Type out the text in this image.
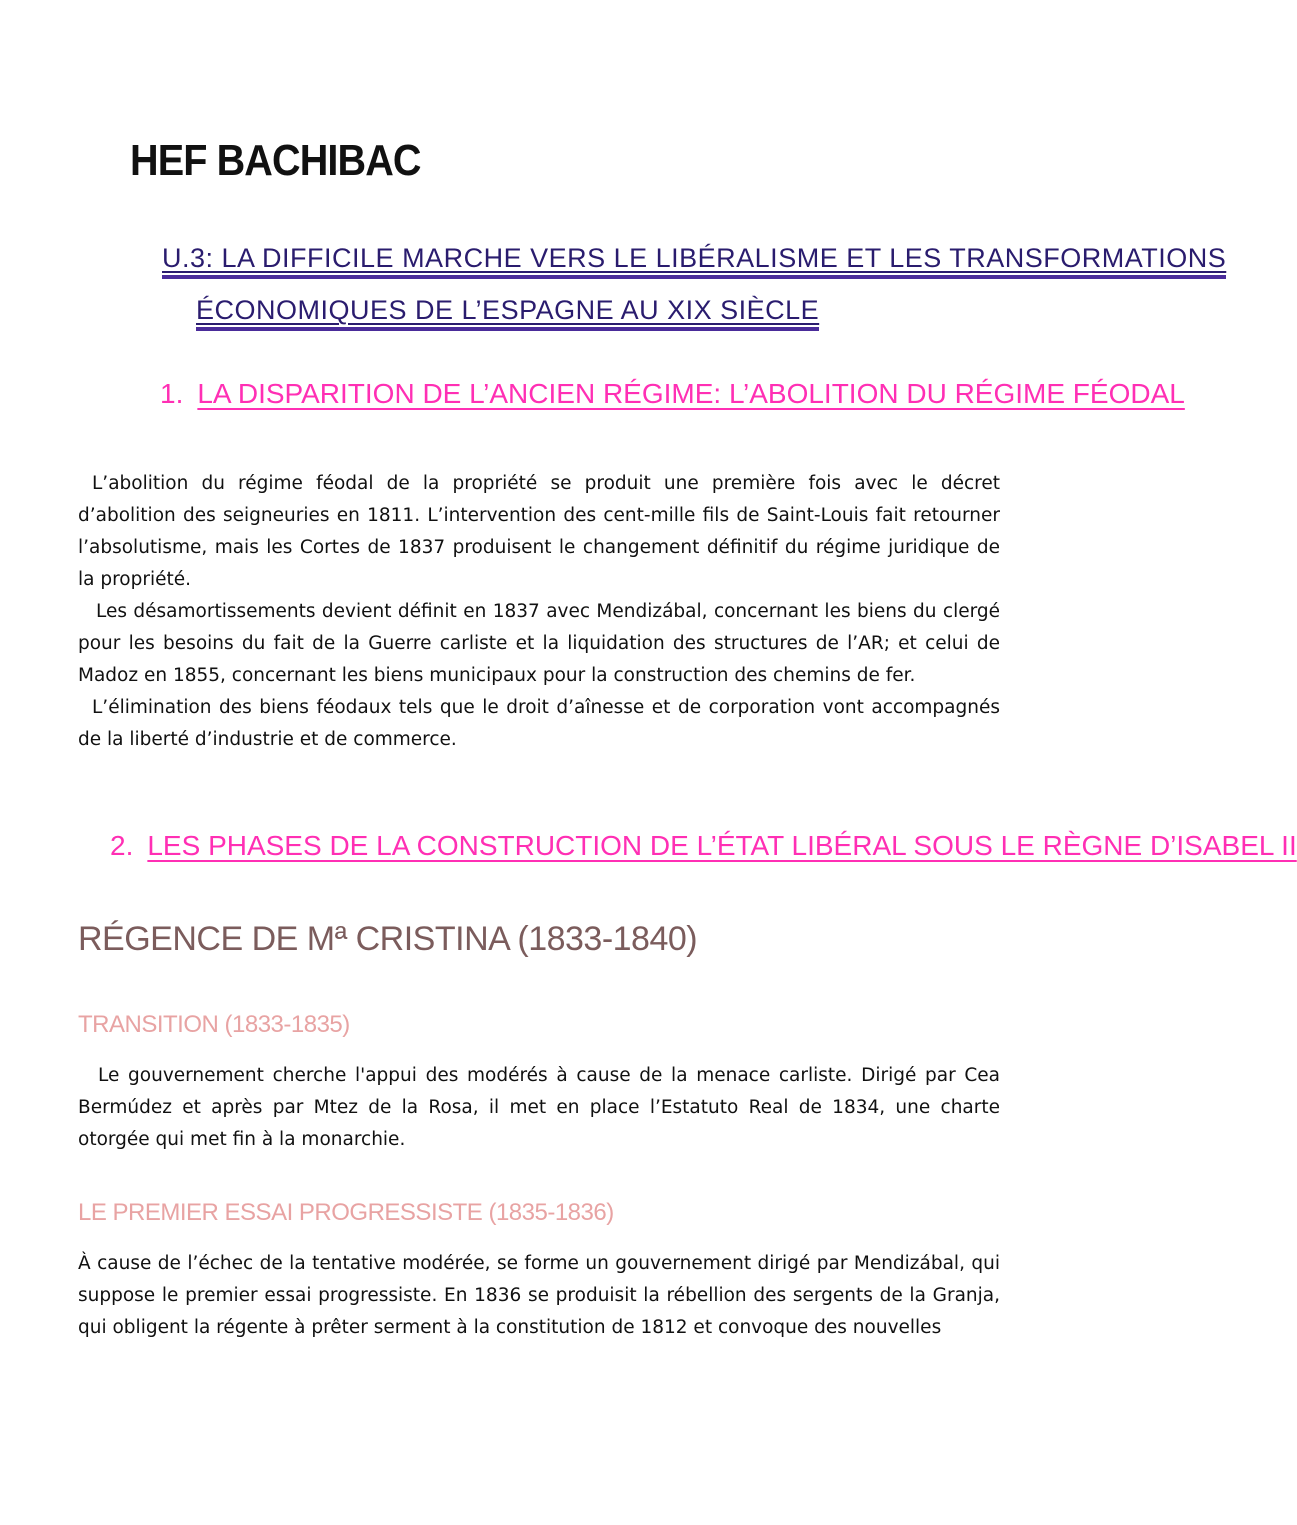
HEF BACHIBAC
U.3: LA DIFFICILE MARCHE VERS LE LIBÉRALISME ET LES TRANSFORMATIONS
ÉCONOMIQUES DE L’ESPAGNE AU XIX SIÈCLE
1. LA DISPARITION DE L’ANCIEN RÉGIME: L’ABOLITION DU RÉGIME FÉODAL

L’abolition du régime féodal de la propriété se produit une première fois avec le décret d’abolition des seigneuries en 1811. L’intervention des cent-mille fils de Saint-Louis fait retourner l’absolutisme, mais les Cortes de 1837 produisent le changement définitif du régime juridique de la propriété.

Les désamortissements devient définit en 1837 avec Mendizábal, concernant les biens du clergé pour les besoins du fait de la Guerre carliste et la liquidation des structures de l’AR; et celui de Madoz en 1855, concernant les biens municipaux pour la construction des chemins de fer.

L’élimination des biens féodaux tels que le droit d’aînesse et de corporation vont accompagnés de la liberté d’industrie et de commerce.

2. LES PHASES DE LA CONSTRUCTION DE L’ÉTAT LIBÉRAL SOUS LE RÈGNE D’ISABEL II
RÉGENCE DE Mª CRISTINA (1833-1840)
TRANSITION (1833-1835)

Le gouvernement cherche l'appui des modérés à cause de la menace carliste. Dirigé par Cea Bermúdez et après par Mtez de la Rosa, il met en place l’Estatuto Real de 1834, une charte otorgée qui met fin à la monarchie.

LE PREMIER ESSAI PROGRESSISTE (1835-1836)

À cause de l’échec de la tentative modérée, se forme un gouvernement dirigé par Mendizábal, qui suppose le premier essai progressiste. En 1836 se produisit la rébellion des sergents de la Granja, qui obligent la régente à prêter serment à la constitution de 1812 et convoque des nouvelles
